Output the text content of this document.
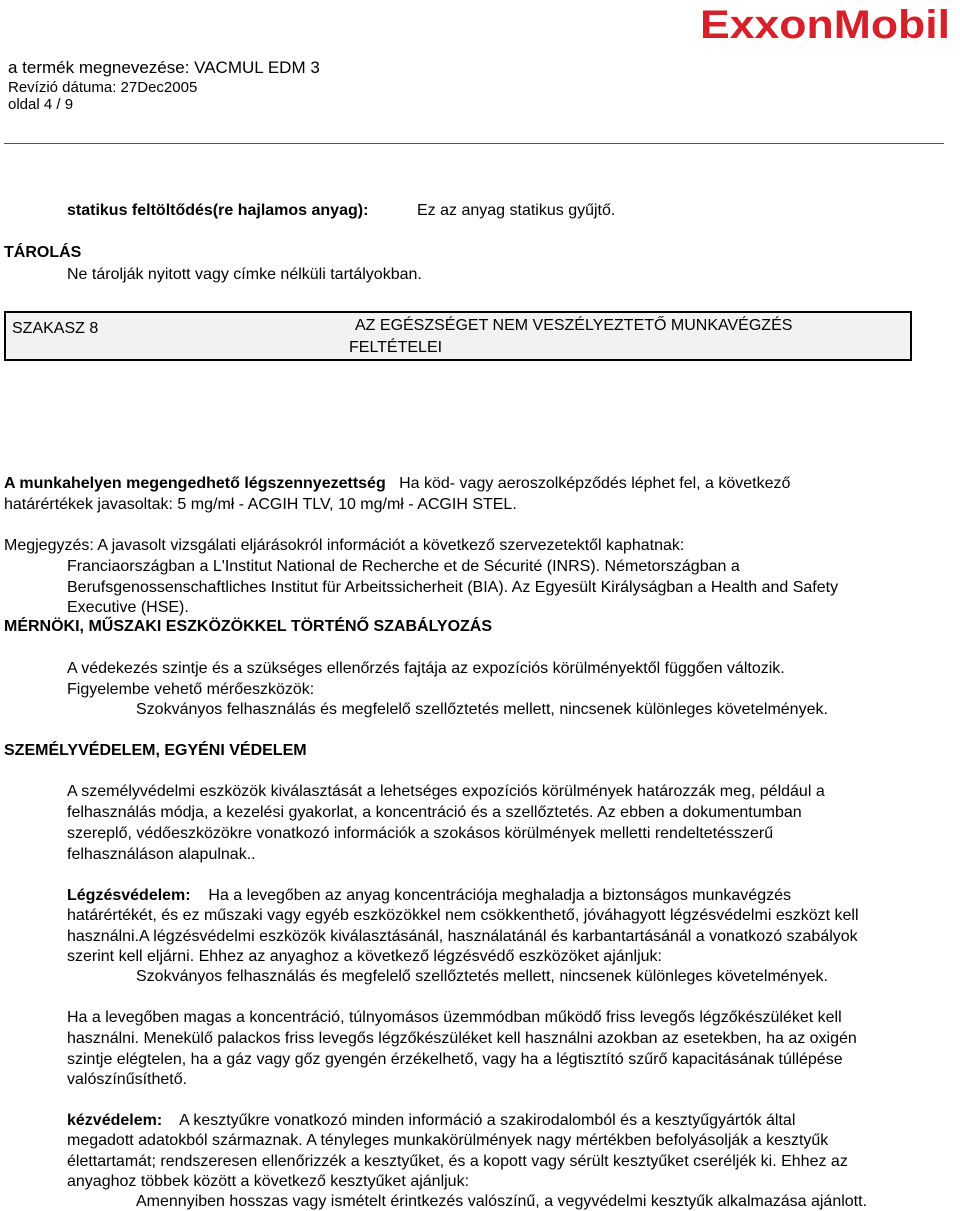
a termék megnevezése: VACMUL EDM 3
Revízió dátuma: 27Dec2005
oldal 4 / 9
ExxonMobil
statikus feltöltődés(re hajlamos anyag):	Ez az anyag statikus gyűjtő.
TÁROLÁS
Ne tárolják nyitott vagy címke nélküli tartályokban.
SZAKASZ 8	AZ EGÉSZSÉGET NEM VESZÉLYEZTETŐ MUNKAVÉGZÉS
FELTÉTELEI
A munkahelyen megengedhető légszennyezettség Ha köd- vagy aeroszolképződés léphet fel, a következő
határértékek javasoltak: 5 mg/mł - ACGIH TLV, 10 mg/mł - ACGIH STEL.
Megjegyzés: A javasolt vizsgálati eljárásokról információt a következő szervezetektől kaphatnak:
Franciaországban a L'Institut National de Recherche et de Sécurité (INRS). Németországban a
Berufsgenossenschaftliches Institut für Arbeitssicherheit (BIA). Az Egyesült Királyságban a Health and Safety
Executive (HSE).
MÉRNÖKI, MŰSZAKI ESZKÖZÖKKEL TÖRTÉNŐ SZABÁLYOZÁS
A védekezés szintje és a szükséges ellenőrzés fajtája az expozíciós körülményektől függően változik.
Figyelembe vehető mérőeszközök:
Szokványos felhasználás és megfelelő szellőztetés mellett, nincsenek különleges követelmények.
SZEMÉLYVÉDELEM, EGYÉNI VÉDELEM
A személyvédelmi eszközök kiválasztását a lehetséges expozíciós körülmények határozzák meg, például a
felhasználás módja, a kezelési gyakorlat, a koncentráció és a szellőztetés. Az ebben a dokumentumban
szereplő, védőeszközökre vonatkozó információk a szokásos körülmények melletti rendeltetésszerű
felhasználáson alapulnak..
Légzésvédelem: Ha a levegőben az anyag koncentrációja meghaladja a biztonságos munkavégzés
határértékét, és ez műszaki vagy egyéb eszközökkel nem csökkenthető, jóváhagyott légzésvédelmi eszközt kell
használni.A légzésvédelmi eszközök kiválasztásánál, használatánál és karbantartásánál a vonatkozó szabályok
szerint kell eljárni. Ehhez az anyaghoz a következő légzésvédő eszközöket ajánljuk:
Szokványos felhasználás és megfelelő szellőztetés mellett, nincsenek különleges követelmények.
Ha a levegőben magas a koncentráció, túlnyomásos üzemmódban működő friss levegős légzőkészüléket kell
használni. Menekülő palackos friss levegős légzőkészüléket kell használni azokban az esetekben, ha az oxigén
szintje elégtelen, ha a gáz vagy gőz gyengén érzékelhető, vagy ha a légtisztító szűrő kapacitásának túllépése
valószínűsíthető.
kézvédelem: A kesztyűkre vonatkozó minden információ a szakirodalomból és a kesztyűgyártók által
megadott adatokból származnak. A tényleges munkakörülmények nagy mértékben befolyásolják a kesztyűk
élettartamát; rendszeresen ellenőrizzék a kesztyűket, és a kopott vagy sérült kesztyűket cseréljék ki. Ehhez az
anyaghoz többek között a következő kesztyűket ajánljuk:
Amennyiben hosszas vagy ismételt érintkezés valószínű, a vegyvédelmi kesztyűk alkalmazása ajánlott.
